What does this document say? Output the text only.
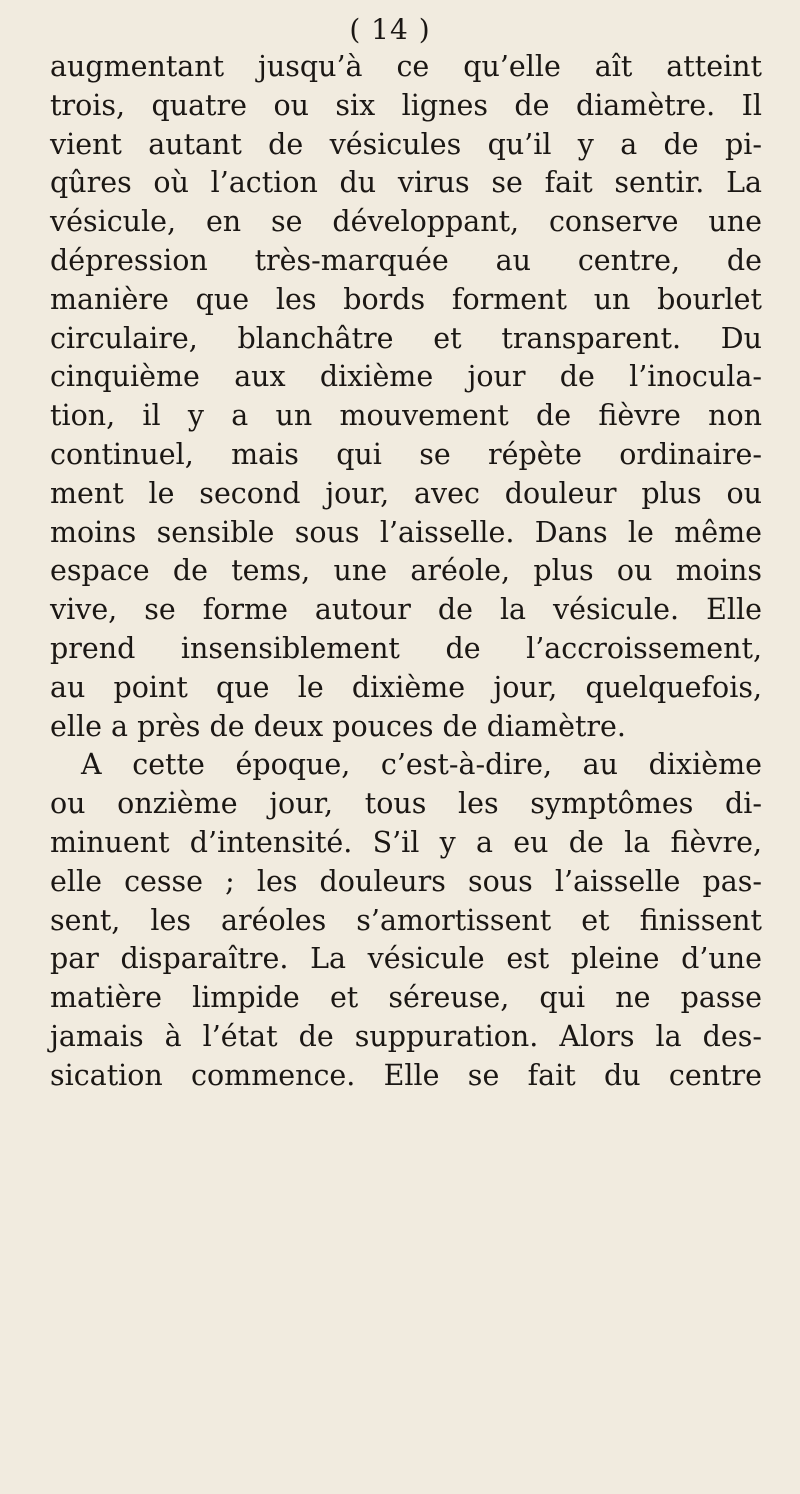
( 14 )
augmentant jusqu’à ce qu’elle aît atteint
trois, quatre ou six lignes de diamètre. Il
vient autant de vésicules qu’il y a de pi-
qûres où l’action du virus se fait sentir. La
vésicule, en se développant, conserve une
dépression très-marquée au centre, de
manière que les bords forment un bourlet
circulaire, blanchâtre et transparent. Du
cinquième aux dixième jour de l’inocula-
tion, il y a un mouvement de fièvre non
continuel, mais qui se répète ordinaire-
ment le second jour, avec douleur plus ou
moins sensible sous l’aisselle. Dans le même
espace de tems, une aréole, plus ou moins
vive, se forme autour de la vésicule. Elle
prend insensiblement de l’accroissement,
au point que le dixième jour, quelquefois,
elle a près de deux pouces de diamètre.
A cette époque, c’est-à-dire, au dixième
ou onzième jour, tous les symptômes di-
minuent d’intensité. S’il y a eu de la fièvre,
elle cesse ; les douleurs sous l’aisselle pas-
sent, les aréoles s’amortissent et finissent
par disparaître. La vésicule est pleine d’une
matière limpide et séreuse, qui ne passe
jamais à l’état de suppuration. Alors la des-
sication commence. Elle se fait du centre
